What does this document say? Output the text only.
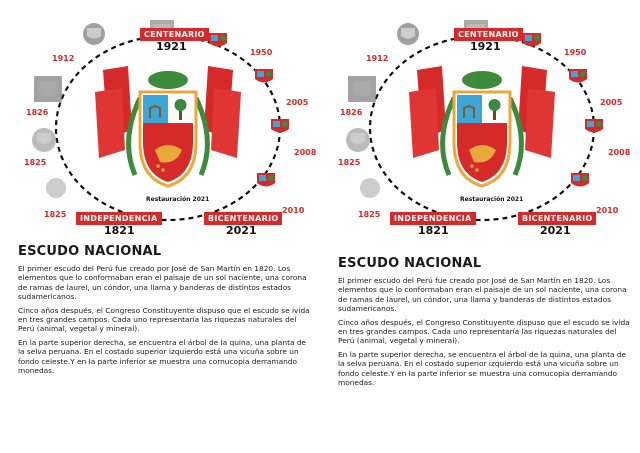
CENTENARIO
1921	1950
2005
2008
2010
1912
1826
1825
1825
Restauración 2021
INDEPENDENCIA
1821
BICENTENARIO
2021
ESCUDO NACIONAL

El primer escudo del Perú fue creado por José de San Martín en 1820. Los elementos que lo conformaban eran el paisaje de un sol naciente, una corona de ramas de laurel, un cóndor, una llama y banderas de distintos estados sudamericanos.

Cinco años después, el Congreso Constituyente dispuso que el escudo se ivida en tres grandes campos. Cada uno representaría las riquezas naturales del Perú (animal, vegetal y mineral).

En la parte superior derecha, se encuentra el árbol de la quina, una planta de la selva peruana. En el costado superior izquierdo está una vicuña sobre un fondo celeste.Y en la parte inferior se muestra una cornucopia derramando monedas.

CENTENARIO
1921	1950
2005
2008
2010
1912
1826
1825
1825
Restauración 2021
INDEPENDENCIA
1821
BICENTENARIO
2021
ESCUDO NACIONAL

El primer escudo del Perú fue creado por José de San Martín en 1820. Los elementos que lo conformaban eran el paisaje de un sol naciente, una corona de ramas de laurel, un cóndor, una llama y banderas de distintos estados sudamericanos.

Cinco años después, el Congreso Constituyente dispuso que el escudo se ivida en tres grandes campos. Cada uno representaría las riquezas naturales del Perú (animal, vegetal y mineral).

En la parte superior derecha, se encuentra el árbol de la quina, una planta de la selva peruana. En el costado superior izquierdo está una vicuña sobre un fondo celeste.Y en la parte inferior se muestra una cornucopia derramando monedas.
